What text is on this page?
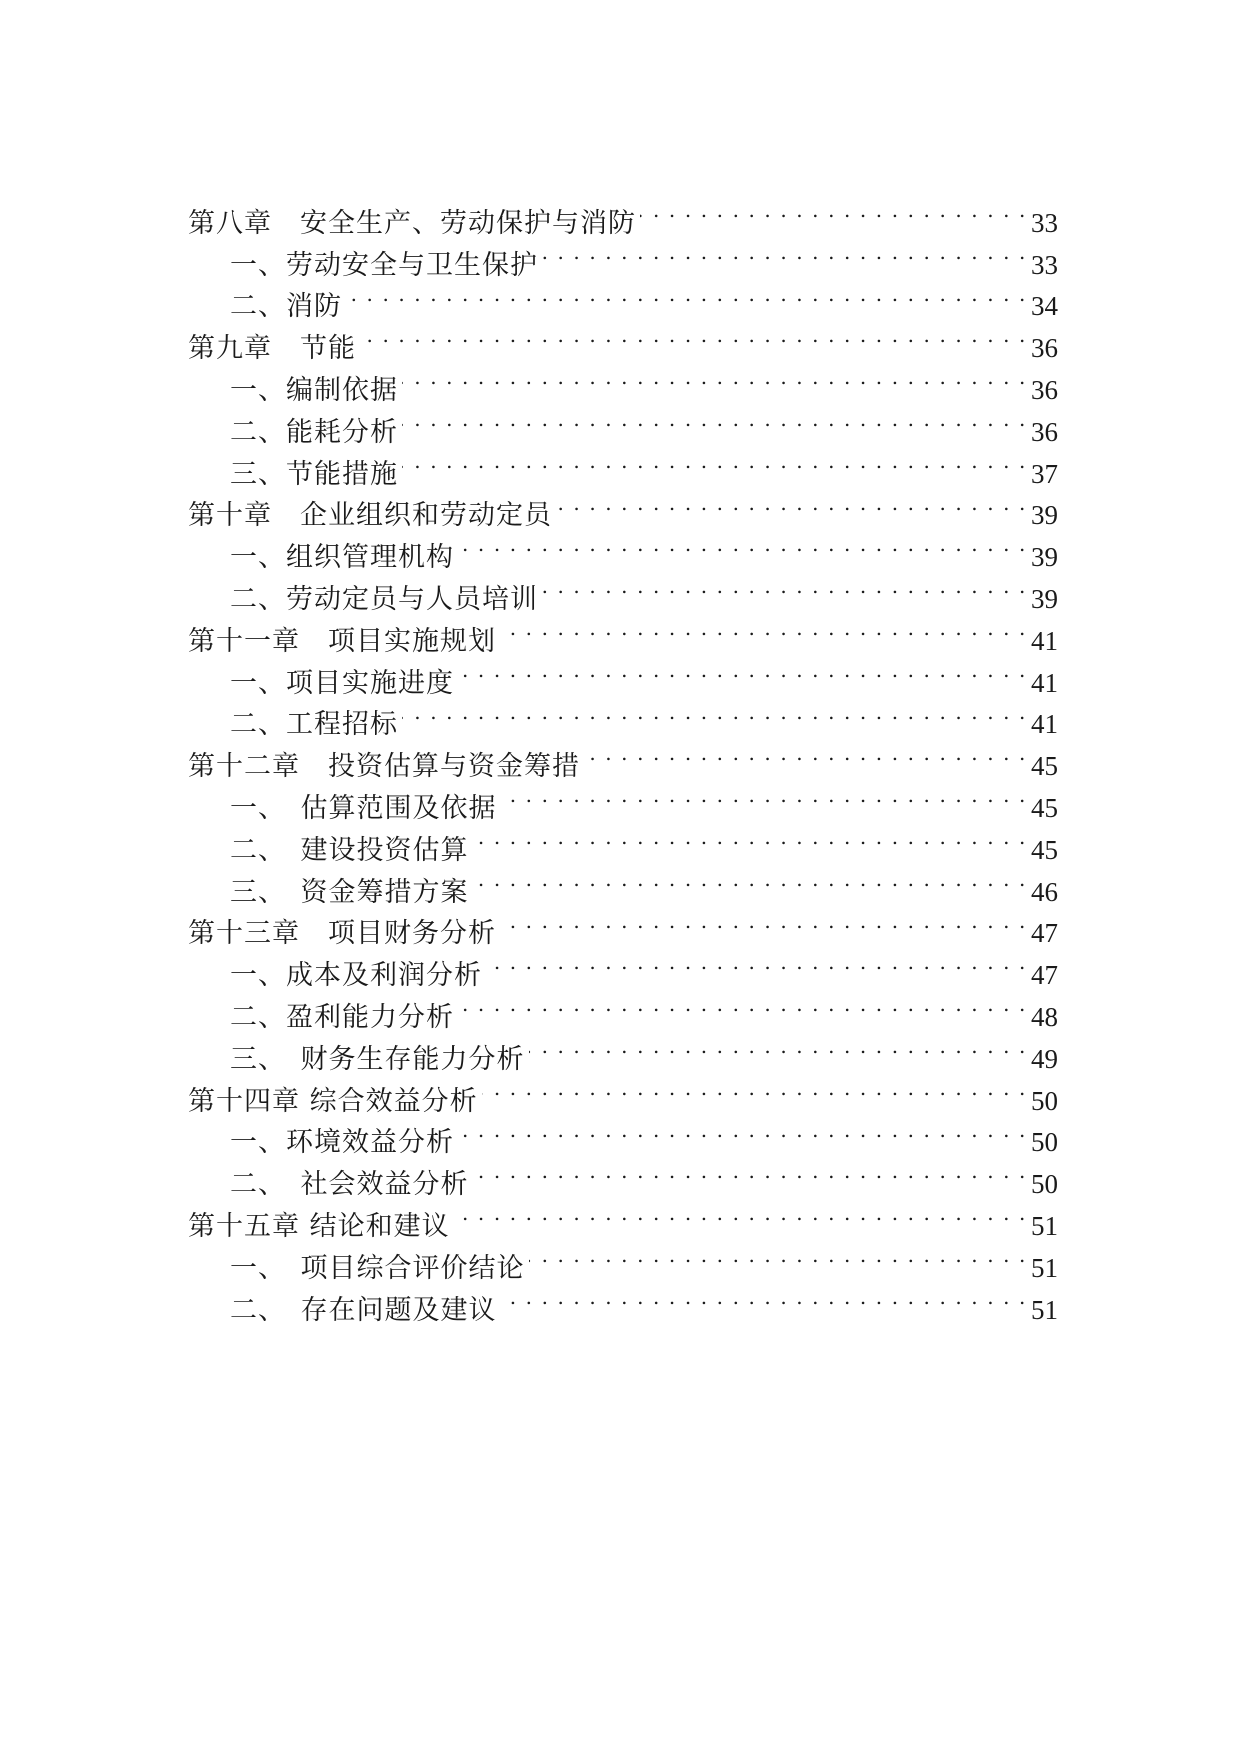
第八章　安全生产、劳动保护与消防 . . .	33
一、劳动安全与卫生保护 . . .	33
二、消防 . . .	34
第九章　节能 . . .	36
一、编制依据 . . .	36
二、能耗分析 . . .	36
三、节能措施 . . .	37
第十章　企业组织和劳动定员 . . .	39
一、组织管理机构 . . .	39
二、劳动定员与人员培训 . . .	39
第十一章　项目实施规划 . . .	41
一、项目实施进度 . . .	41
二、工程招标 . . .	41
第十二章　投资估算与资金筹措 . . .	45
一、　估算范围及依据 . . .	45
二、　建设投资估算 . . .	45
三、　资金筹措方案 . . .	46
第十三章　项目财务分析 . . .	47
一、成本及利润分析 . . .	47
二、盈利能力分析 . . .	48
三、　财务生存能力分析 . . .	49
第十四章 综合效益分析 . . .	50
一、环境效益分析 . . .	50
二、　社会效益分析 . . .	50
第十五章 结论和建议 . . .	51
一、　项目综合评价结论 . . .	51
二、　存在问题及建议 . . .	51
